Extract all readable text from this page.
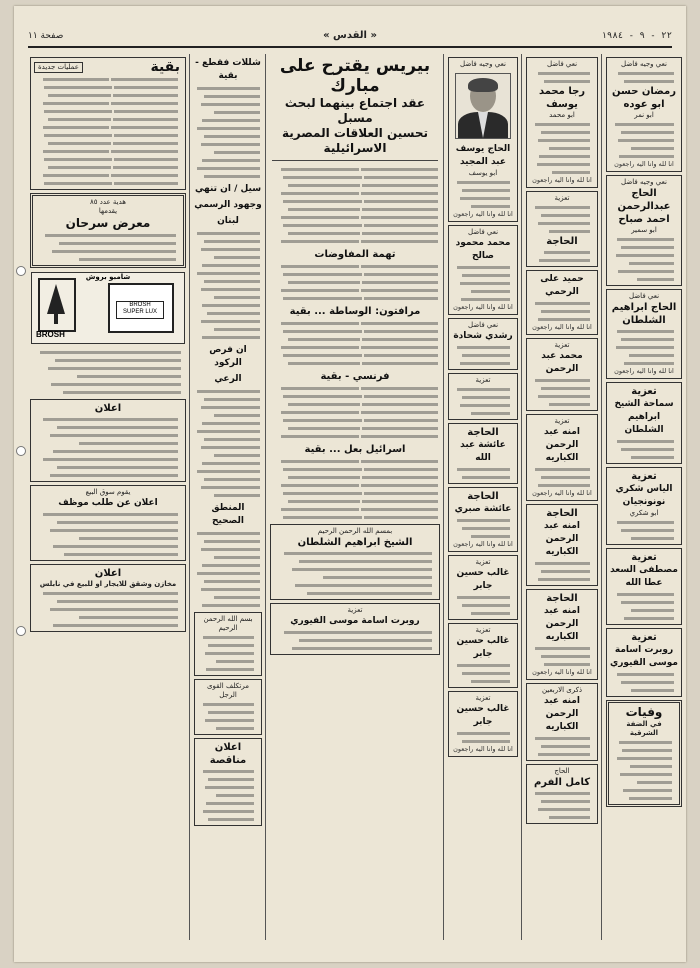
٢٢ - ٩ - ١٩٨٤
« القدس »
صفحة ١١
نعي وجيه فاضل
رمضان حسن ابو عوده
ابو نمر
انا لله وانا اليه راجعون
نعي وجيه فاضل
الحاج عبدالرحمن احمد صباح
ابو سمير
نعي فاضل
الحاج ابراهيم الشلطان
انا لله وانا اليه راجعون
تعزية
سماحة الشيخ ابراهيم الشلطان
تعزية
الياس شكري نونونجيان
ابو شكري
تعزية
مصطفى السعد عطا الله
تعزية
روبرت اسامة موسى الفيوري
وفيات
في الضفة الشرقية
نعي فاضل
رجا محمد يوسف
ابو محمد
انا لله وانا اليه راجعون
تعزية
الحاجة
حميد على الرحمي
انا لله وانا اليه راجعون
تعزية
محمد عبد الرحمن
تعزية
امنه عبد الرحمن الكباريه
انا لله وانا اليه راجعون
الحاجة
امنه عبد الرحمن الكباريه
الحاجة
امنه عبد الرحمن الكباريه
انا لله وانا اليه راجعون
ذكرى الاربعين
امنه عبد الرحمن الكباريه
الحاج
كامل الفرم
نعي وجيه فاضل
الحاج يوسف عبد المجيد
ابو يوسف
انا لله وانا اليه راجعون
نعي فاضل
محمد محمود صالح
انا لله وانا اليه راجعون
نعي فاضل
رشدي شحادة
تعزية
الحاجة
عائشة عبد الله
الحاجة
عائشة صبري
انا لله وانا اليه راجعون
تعزية
غالب حسين جابر
تعزية
غالب حسين جابر
تعزية
غالب حسين جابر
انا لله وانا اليه راجعون
بيريس يقترح على مبارك
عقد اجتماع بينهما لبحث مسبل
تحسين العلاقات المصرية الاسرائيلية

تهمة المفاوضات
مرافتون: الوساطة ... بقية
فرنسي - بقية
اسرائيل بعل ... بقية
بمسم الله الرحمن الرحيم
الشيخ ابراهيم الشلطان
تعزية
روبرت اسامة موسى الفيوري
شللات فقطع - بقية
سيل / ان تنهي
وجهود الرسمي
لبنان
ان فرص الركود
الرعي
المنطق الصحيح
بسم الله الرحمن الرحيم
مرتكلف القوى الرجل
اعلان مناقصة
بقية
عمليات جديدة
هدية عدد ٨٥
يقدمها
معرض سرحان
شامبو بروش
BROSH
BROSH
SUPER LUX
اعلان
يقوم سوق البيع
اعلان عن طلب موظف
اعلان
مخازن وشقق للايجار او للبيع في نابلس
